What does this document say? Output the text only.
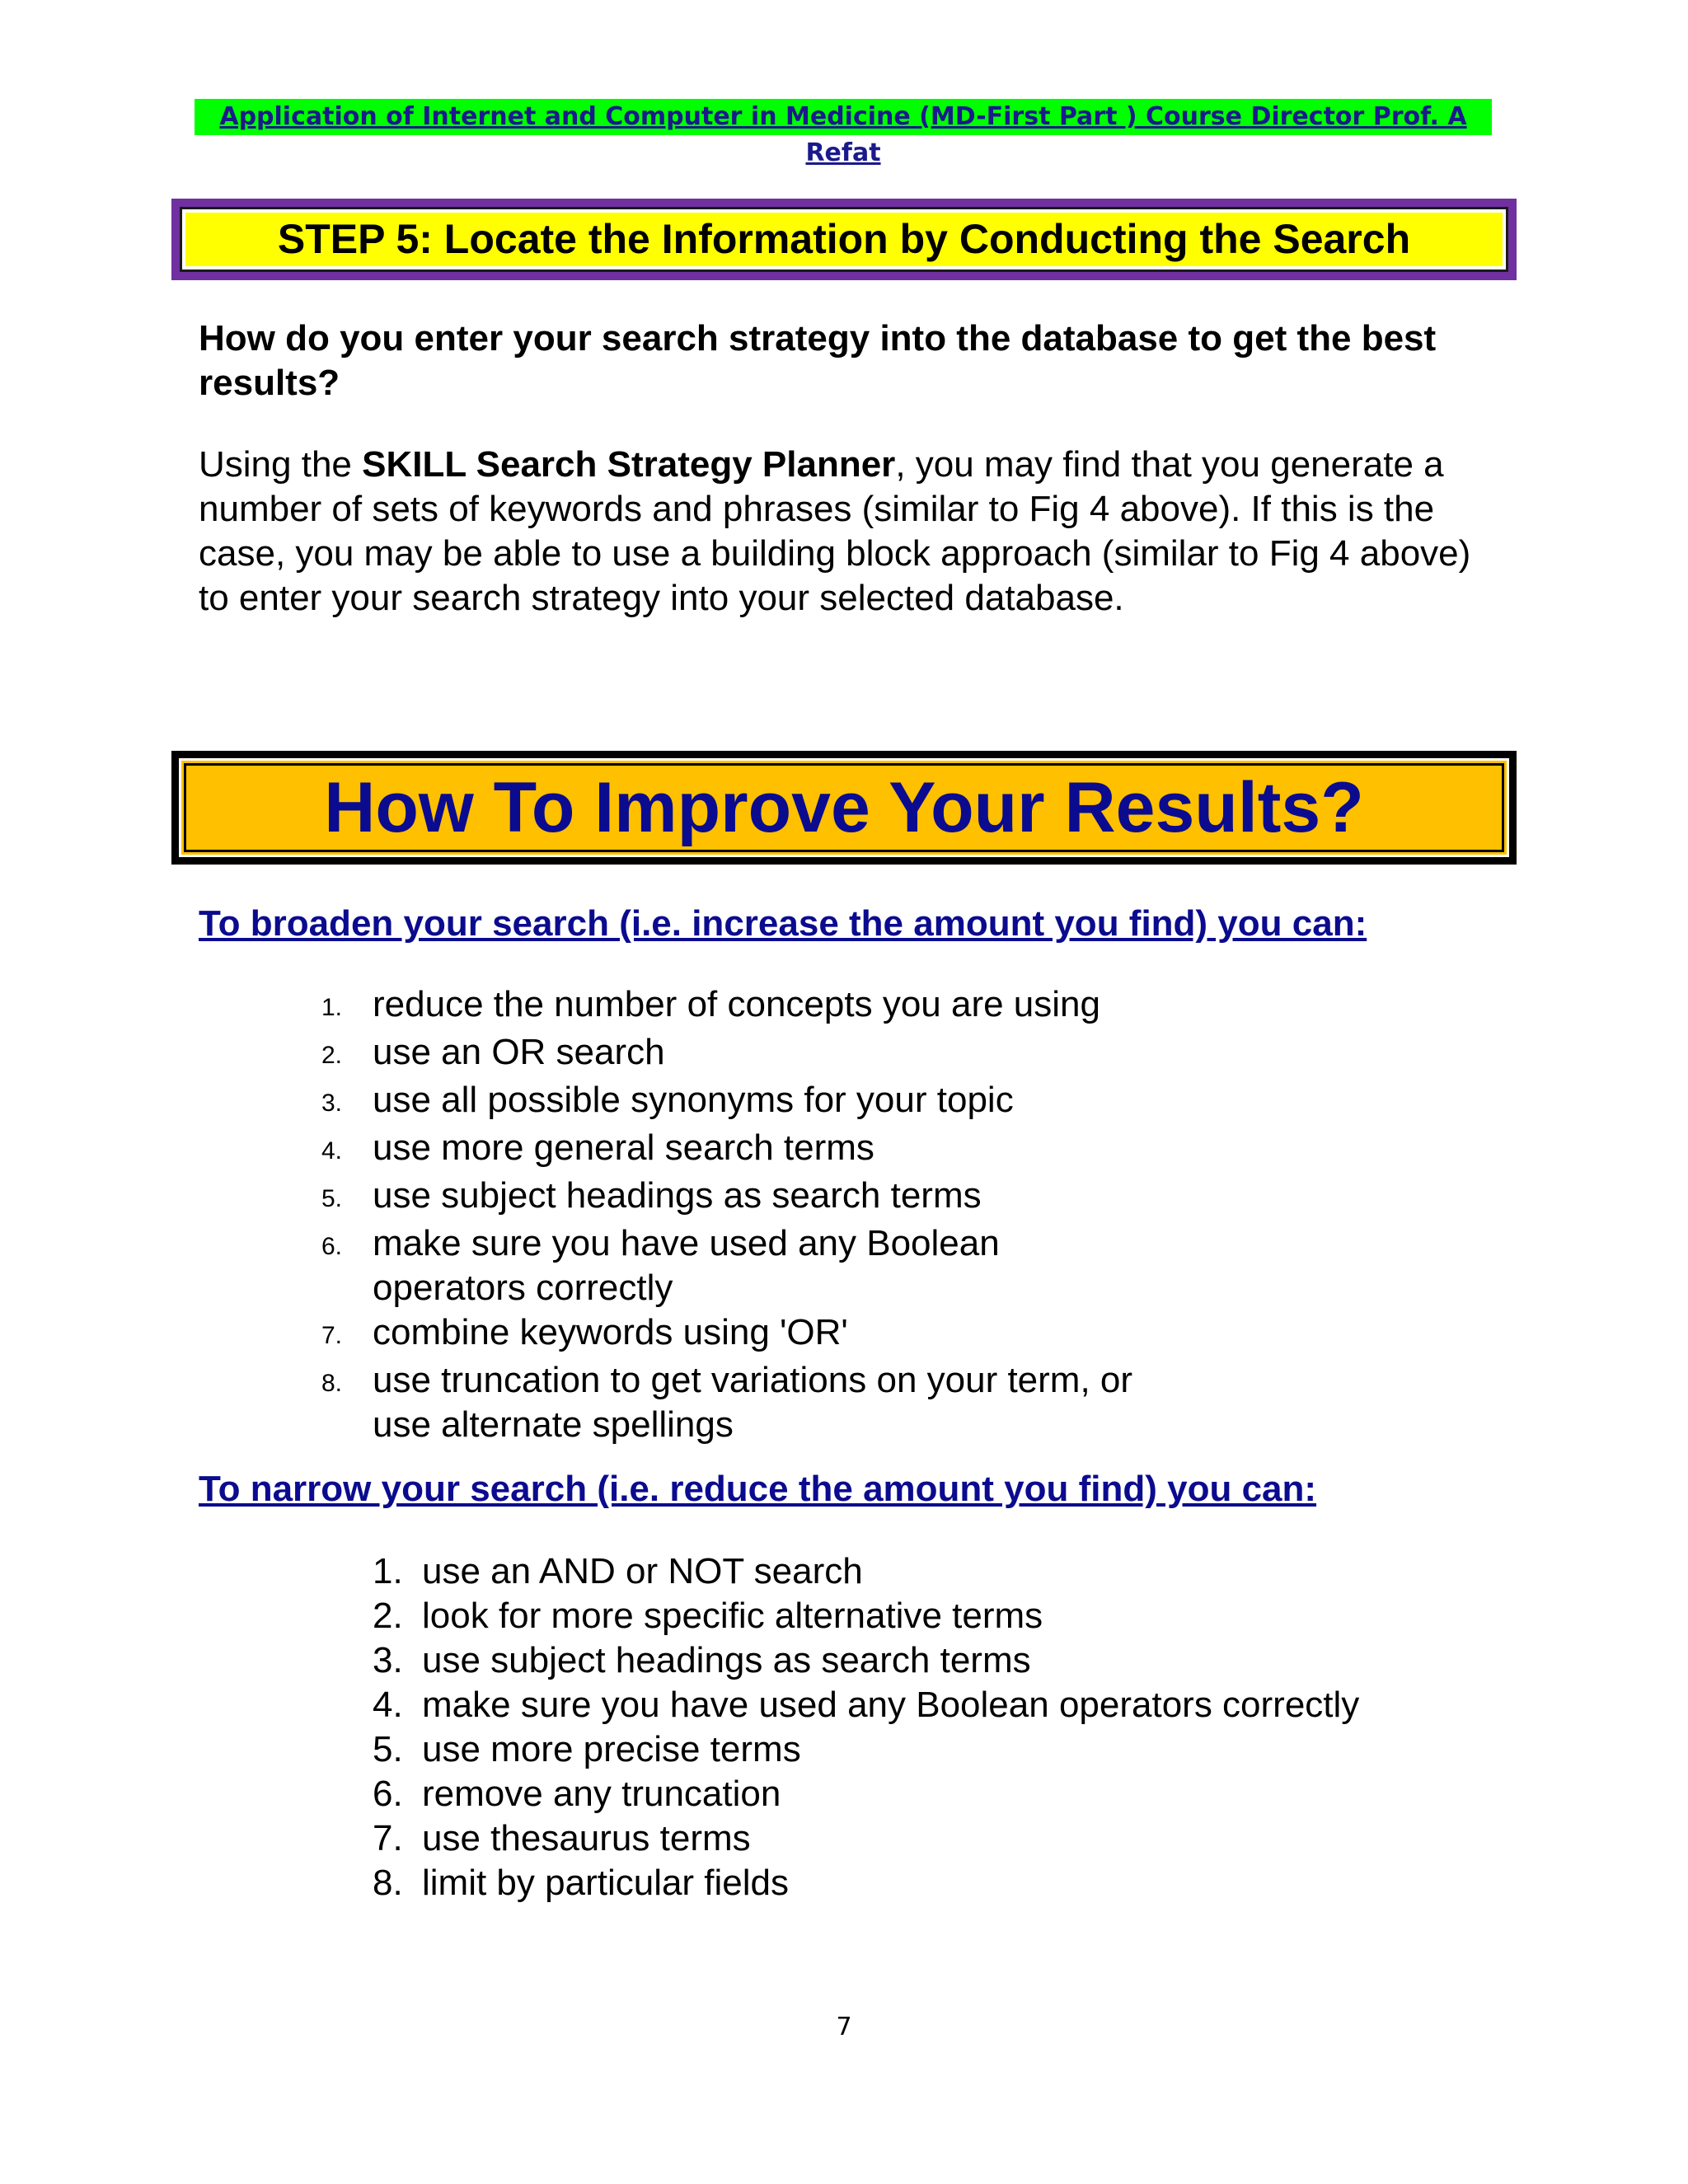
Application of Internet and Computer in Medicine (MD-First Part ) Course Director Prof. A Refat
STEP 5: Locate the Information by Conducting the Search
How do you enter your search strategy into the database to get the best results?
Using the SKILL Search Strategy Planner, you may find that you generate a number of sets of keywords and phrases (similar to Fig 4 above). If this is the case, you may be able to use a building block approach (similar to Fig 4 above) to enter your search strategy into your selected database.
How To Improve Your Results?
To broaden your search (i.e. increase the amount you find) you can:
1. reduce the number of concepts you are using
2. use an OR search
3. use all possible synonyms for your topic
4. use more general search terms
5. use subject headings as search terms
6. make sure you have used any Boolean operators correctly
7. combine keywords using 'OR'
8. use truncation to get variations on your term, or use alternate spellings
To narrow your search (i.e. reduce the amount you find) you can:
1. use an AND or NOT search
2. look for more specific alternative terms
3. use subject headings as search terms
4. make sure you have used any Boolean operators correctly
5. use more precise terms
6. remove any truncation
7. use thesaurus terms
8. limit by particular fields
7
